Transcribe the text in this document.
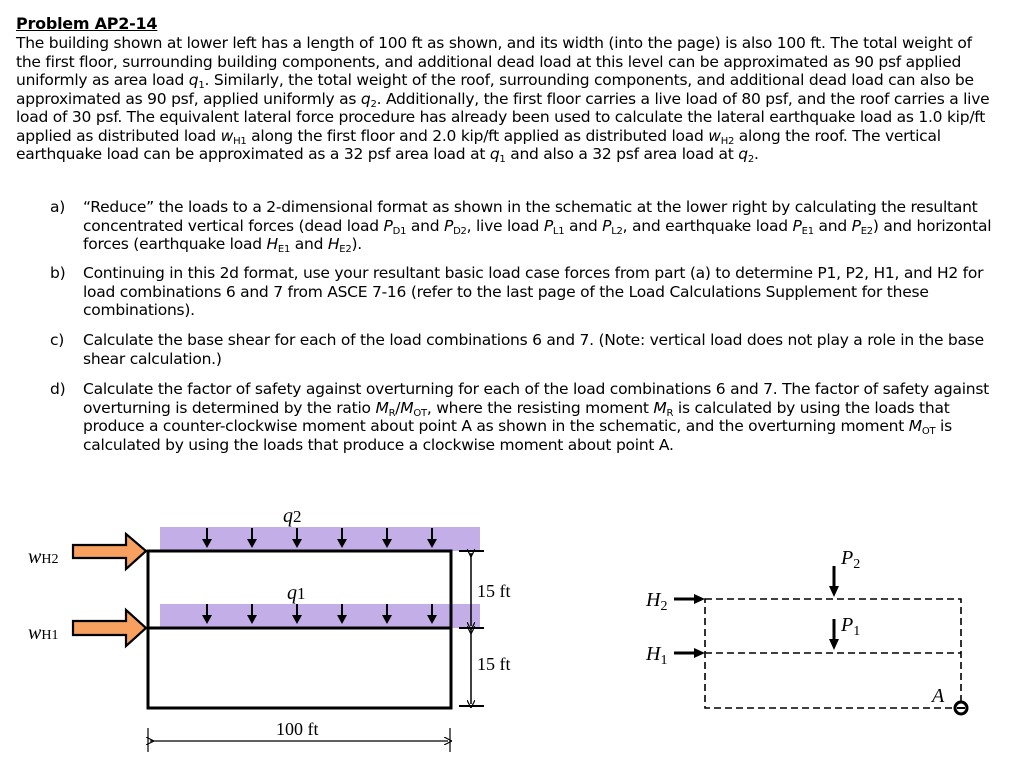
Problem AP2-14
The building shown at lower left has a length of 100 ft as shown, and its width (into the page) is also 100 ft. The total weight of the first floor, surrounding building components, and additional dead load at this level can be approximated as 90 psf applied uniformly as area load $q_1$. Similarly, the total weight of the roof, surrounding components, and additional dead load can also be approximated as 90 psf, applied uniformly as $q_2$. Additionally, the first floor carries a live load of 80 psf, and the roof carries a live load of 30 psf. The equivalent lateral force procedure has already been used to calculate the lateral earthquake load as 1.0 kip/ft applied as distributed load $w_{H1}$ along the first floor and 2.0 kip/ft applied as distributed load $w_{H2}$ along the roof. The vertical earthquake load can be approximated as a 32 psf area load at $q_1$ and also a 32 psf area load at $q_2$.
a) “Reduce” the loads to a 2-dimensional format as shown in the schematic at the lower right by calculating the resultant concentrated vertical forces (dead load $P_{D1}$ and $P_{D2}$, live load $P_{L1}$ and $P_{L2}$, and earthquake load $P_{E1}$ and $P_{E2}$) and horizontal forces (earthquake load $H_{E1}$ and $H_{E2}$).
b) Continuing in this 2d format, use your resultant basic load case forces from part (a) to determine P1, P2, H1, and H2 for load combinations 6 and 7 from ASCE 7-16 (refer to the last page of the Load Calculations Supplement for these combinations).
c) Calculate the base shear for each of the load combinations 6 and 7. (Note: vertical load does not play a role in the base shear calculation.)
d) Calculate the factor of safety against overturning for each of the load combinations 6 and 7. The factor of safety against overturning is determined by the ratio $M_R/M_{OT}$, where the resisting moment $M_R$ is calculated by using the loads that produce a counter-clockwise moment about point A as shown in the schematic, and the overturning moment $M_{OT}$ is calculated by using the loads that produce a clockwise moment about point A.
q2
q1
wH2
wH1
15 ft
15 ft
100 ft
$P_2$
$P_1$
$H_2$
$H_1$
A
